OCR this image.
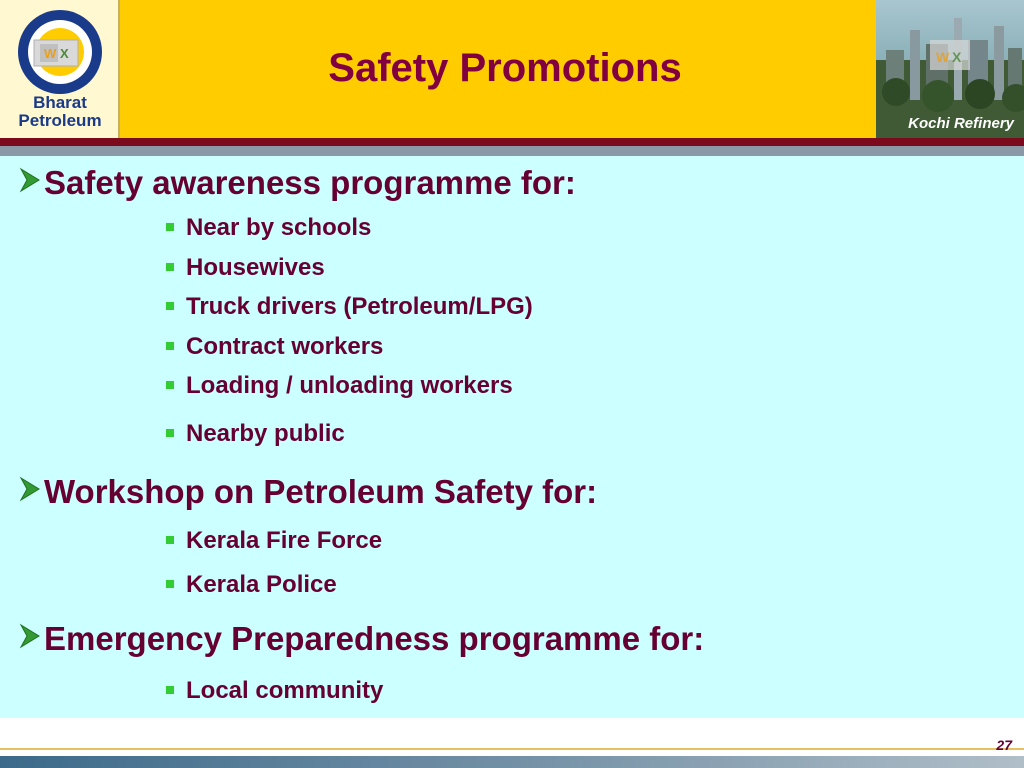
W X
Bharat
Petroleum
Safety Promotions	W X
Kochi Refinery
Safety awareness programme for:
Near by schools
Housewives
Truck drivers (Petroleum/LPG)
Contract workers
Loading / unloading workers
Nearby public
Workshop on Petroleum Safety for:
Kerala Fire Force
Kerala Police
Emergency Preparedness programme for:
Local community
27
